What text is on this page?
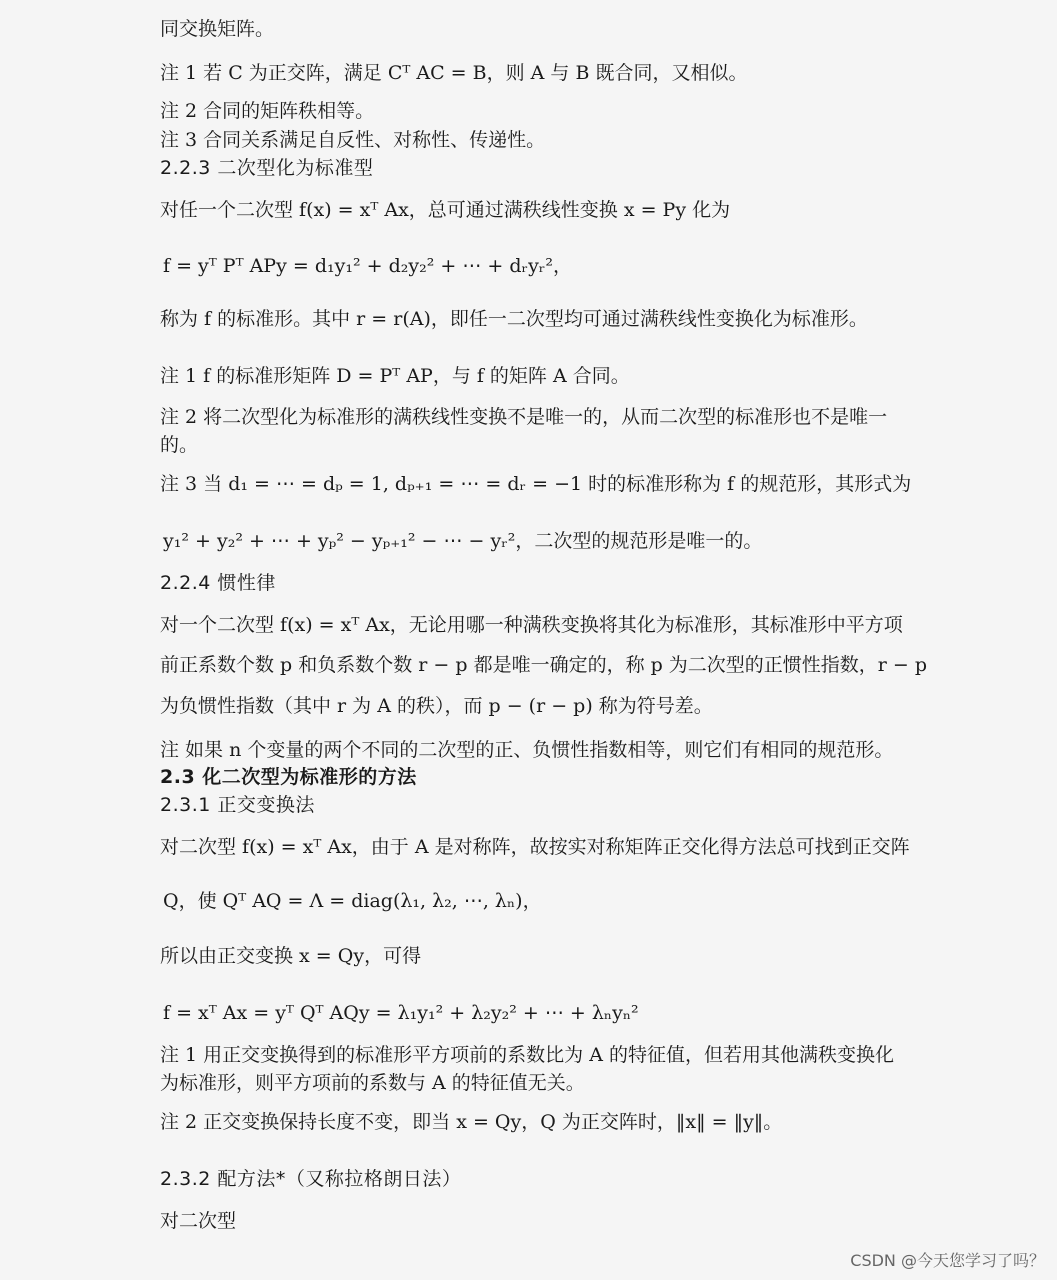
同交换矩阵。
注 1 若 C 为正交阵，满足 Cᵀ AC = B，则 A 与 B 既合同，又相似。
注 2 合同的矩阵秩相等。
注 3 合同关系满足自反性、对称性、传递性。
2.2.3 二次型化为标准型
对任一个二次型 f(x) = xᵀ Ax，总可通过满秩线性变换 x = Py 化为
f = yᵀ Pᵀ APy = d₁y₁² + d₂y₂² + ⋯ + dᵣyᵣ²，
称为 f 的标准形。其中 r = r(A)，即任一二次型均可通过满秩线性变换化为标准形。
注 1 f 的标准形矩阵 D = Pᵀ AP，与 f 的矩阵 A 合同。
注 2 将二次型化为标准形的满秩线性变换不是唯一的，从而二次型的标准形也不是唯一的。
注 3 当 d₁ = ⋯ = dₚ = 1, dₚ₊₁ = ⋯ = dᵣ = −1 时的标准形称为 f 的规范形，其形式为
y₁² + y₂² + ⋯ + yₚ² − yₚ₊₁² − ⋯ − yᵣ²，二次型的规范形是唯一的。
2.2.4 惯性律
对一个二次型 f(x) = xᵀ Ax，无论用哪一种满秩变换将其化为标准形，其标准形中平方项
前正系数个数 p 和负系数个数 r − p 都是唯一确定的，称 p 为二次型的正惯性指数，r − p
为负惯性指数（其中 r 为 A 的秩），而 p − (r − p) 称为符号差。
注 如果 n 个变量的两个不同的二次型的正、负惯性指数相等，则它们有相同的规范形。
2.3 化二次型为标准形的方法
2.3.1 正交变换法
对二次型 f(x) = xᵀ Ax，由于 A 是对称阵，故按实对称矩阵正交化得方法总可找到正交阵
Q，使 Qᵀ AQ = Λ = diag(λ₁, λ₂, ⋯, λₙ)，
所以由正交变换 x = Qy，可得
f = xᵀ Ax = yᵀ Qᵀ AQy = λ₁y₁² + λ₂y₂² + ⋯ + λₙyₙ²
注 1 用正交变换得到的标准形平方项前的系数比为 A 的特征值，但若用其他满秩变换化为标准形，则平方项前的系数与 A 的特征值无关。
注 2 正交变换保持长度不变，即当 x = Qy，Q 为正交阵时，‖x‖ = ‖y‖。
2.3.2 配方法*（又称拉格朗日法）
对二次型
CSDN @今天您学习了吗？
